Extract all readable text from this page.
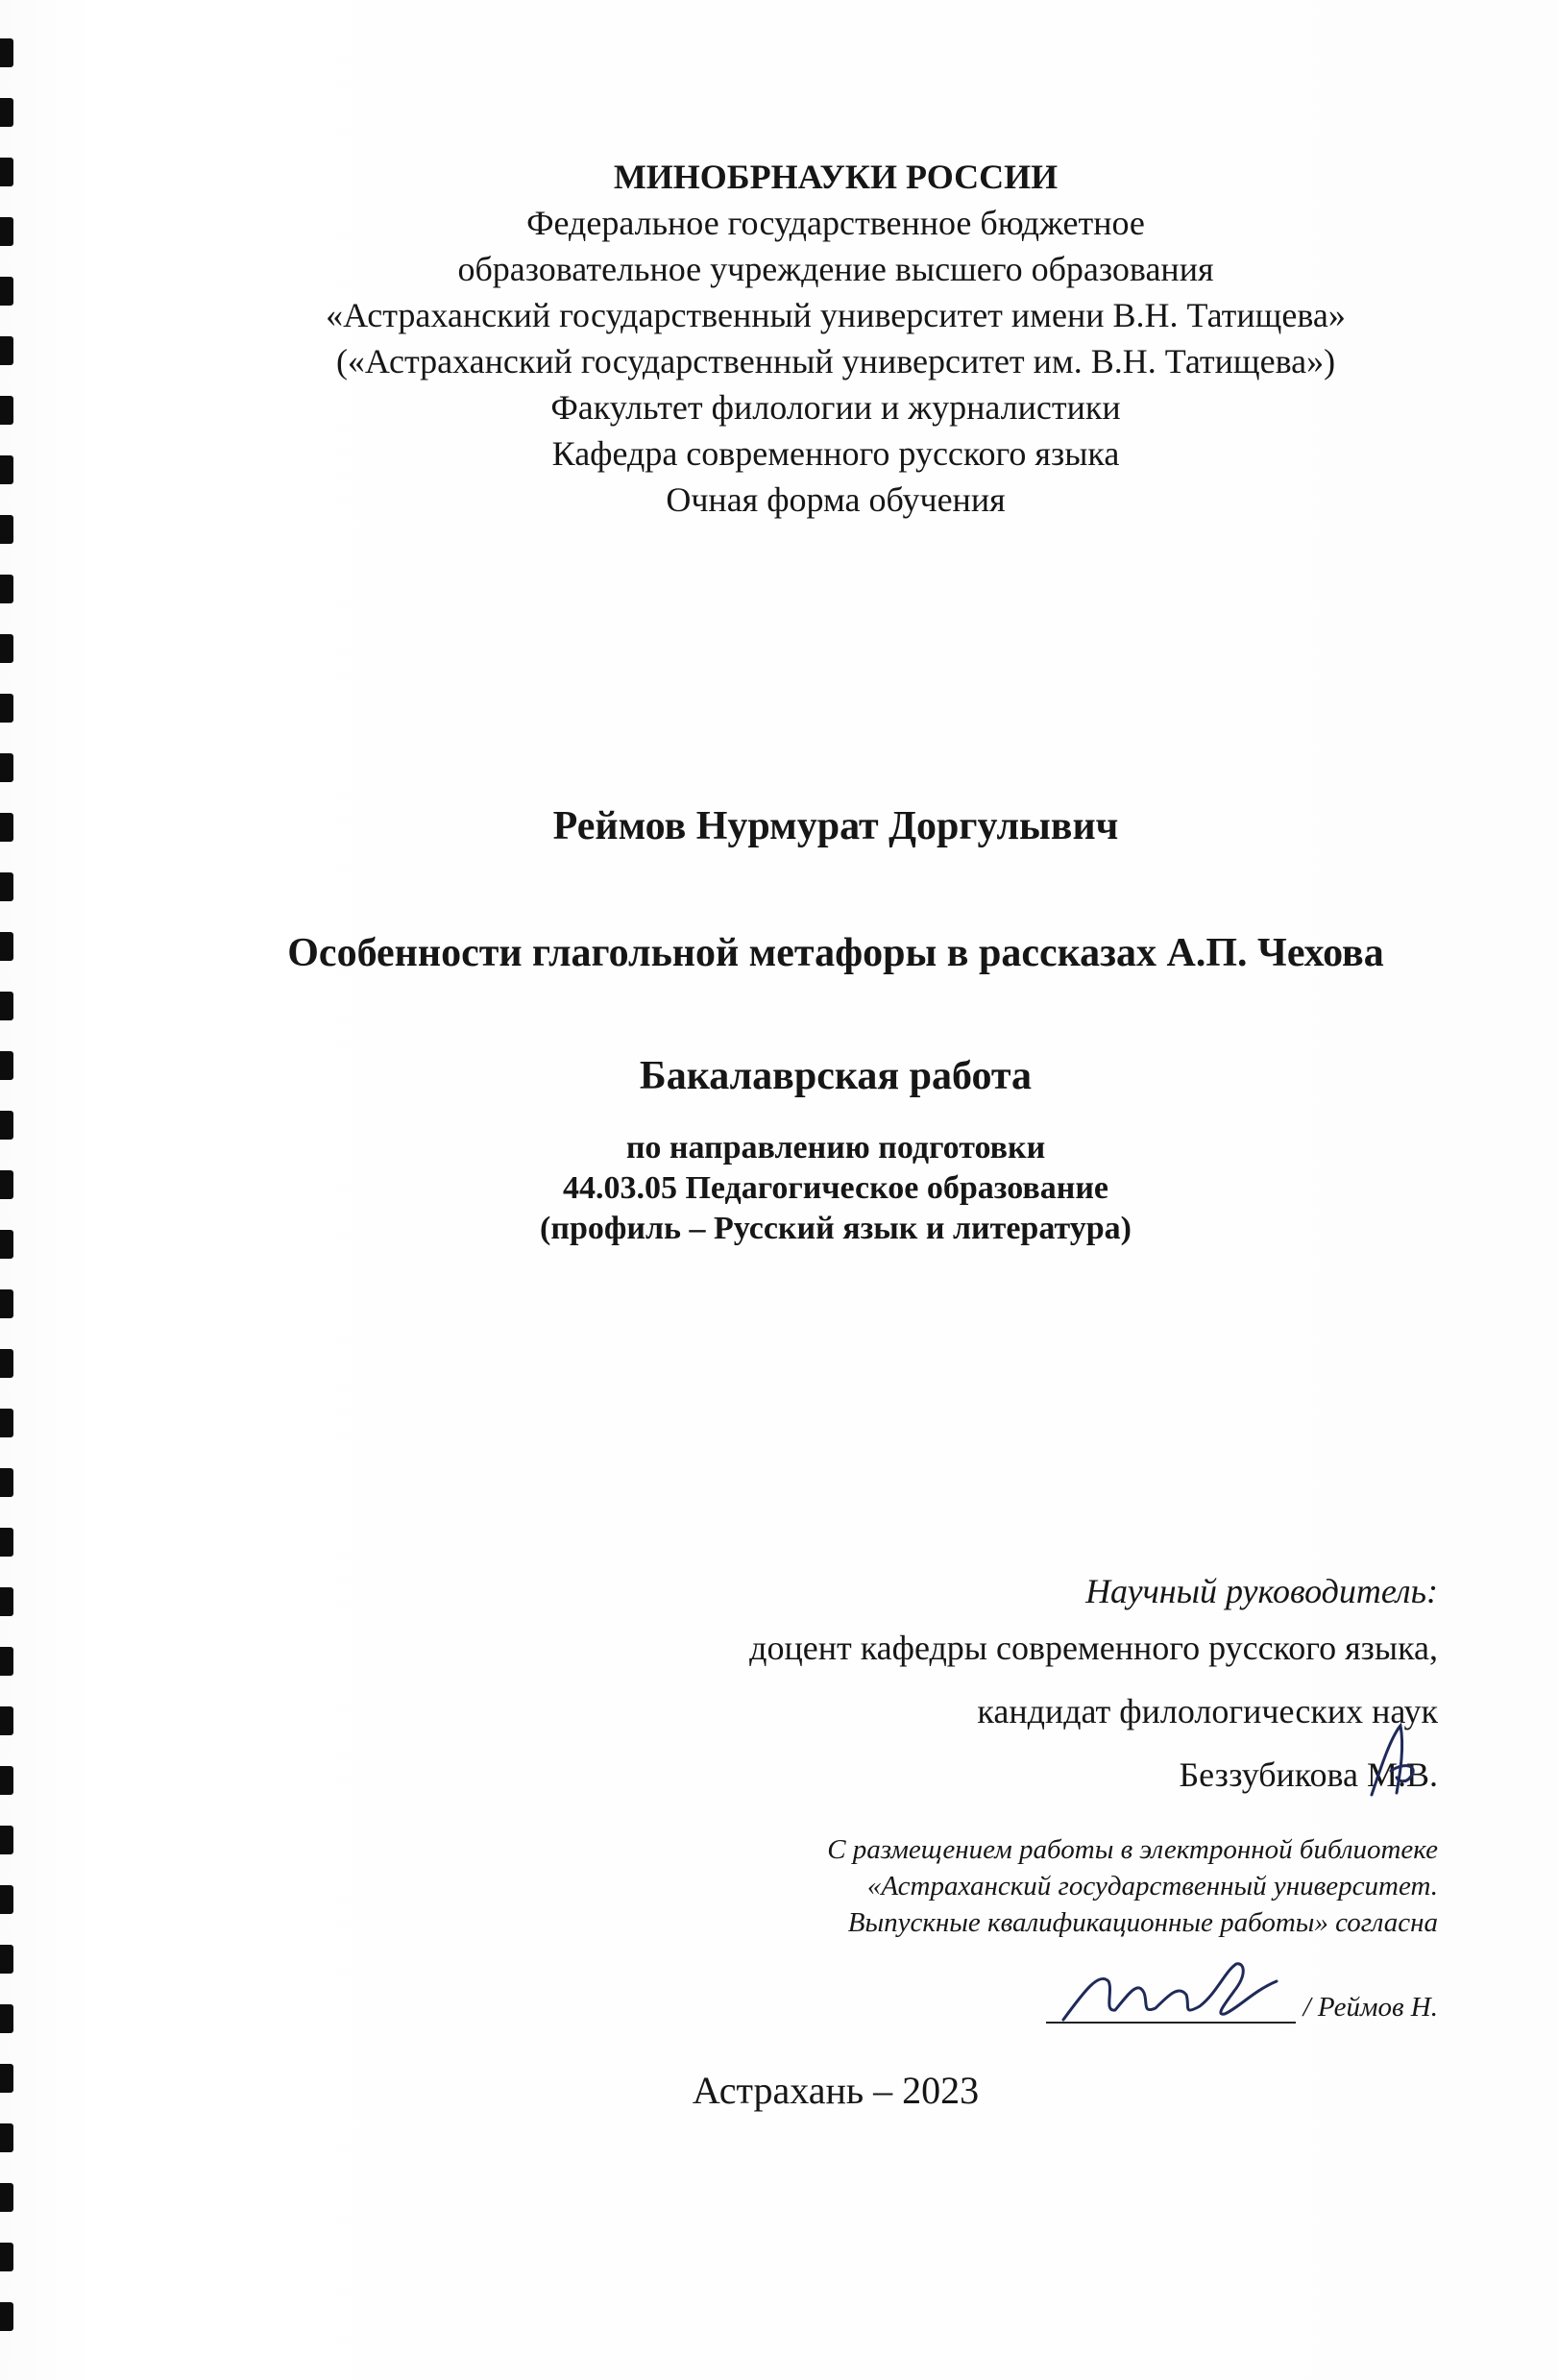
МИНОБРНАУКИ РОССИИ
Федеральное государственное бюджетное
образовательное учреждение высшего образования
«Астраханский государственный университет имени В.Н. Татищева»
(«Астраханский государственный университет им. В.Н. Татищева»)
Факультет филологии и журналистики
Кафедра современного русского языка
Очная форма обучения
Реймов Нурмурат Доргулывич
Особенности глагольной метафоры в рассказах А.П. Чехова
Бакалаврская работа
по направлению подготовки
44.03.05 Педагогическое образование
(профиль – Русский язык и литература)
Научный руководитель:
доцент кафедры современного русского языка,
кандидат филологических наук
Беззубикова М.В.
С размещением работы в электронной библиотеке
«Астраханский государственный университет.
Выпускные квалификационные работы» согласна
/ Реймов Н.
Астрахань – 2023
